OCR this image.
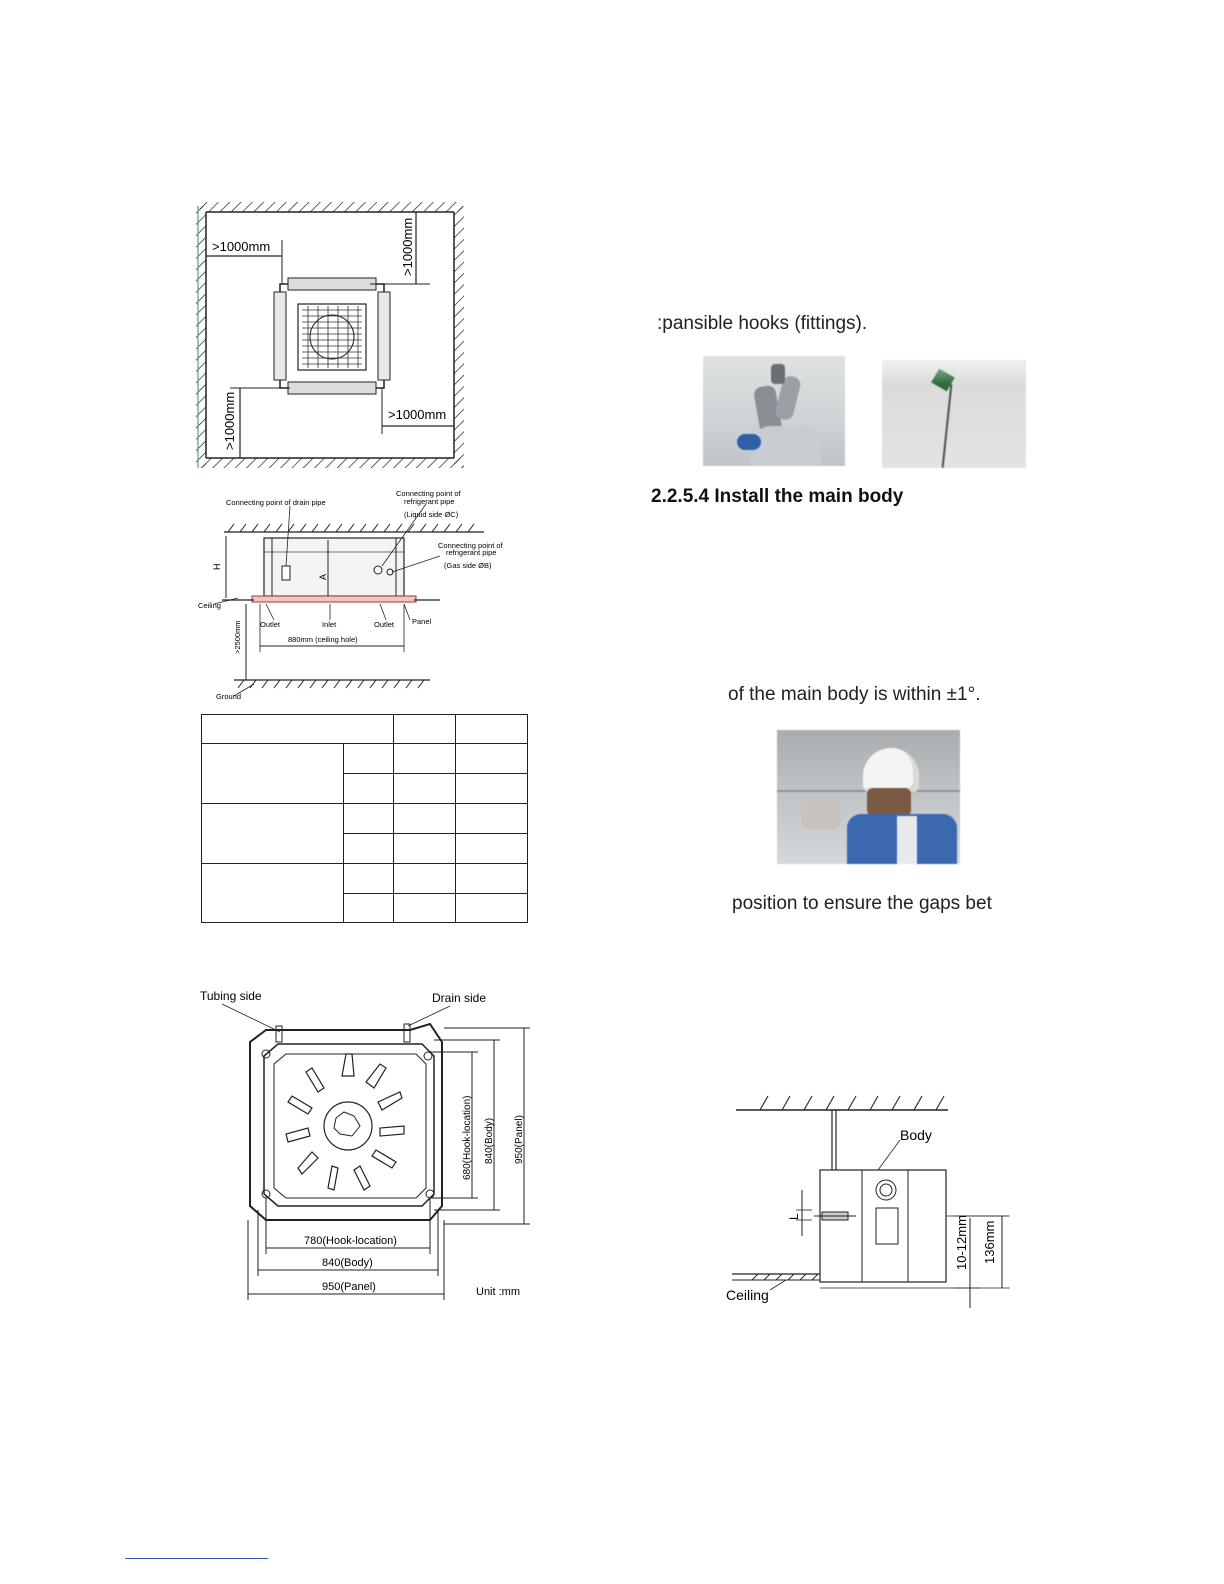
>1000mm	>1000mm
>1000mm	>1000mm
Connecting point of drain pipe
Connecting point of
refrigerant pipe
(Liquid side ØC)
Connecting point of
refrigerant pipe
(Gas side ØB)
H
A
Ceiling
Outlet	Inlet	Outlet Panel
>2500mm	880mm (ceiling hole)
Ground

Tubing side	Drain side
680(Hook-location) 840(Body) 950(Panel)
780(Hook-location)
840(Body)
950(Panel)	Unit :mm
:pansible hooks (fittings).
2.2.5.4 Install the main body
of the main body is within ±1°.
position to ensure the gaps bet
Body
L	10-12mm 136mm
Ceiling
